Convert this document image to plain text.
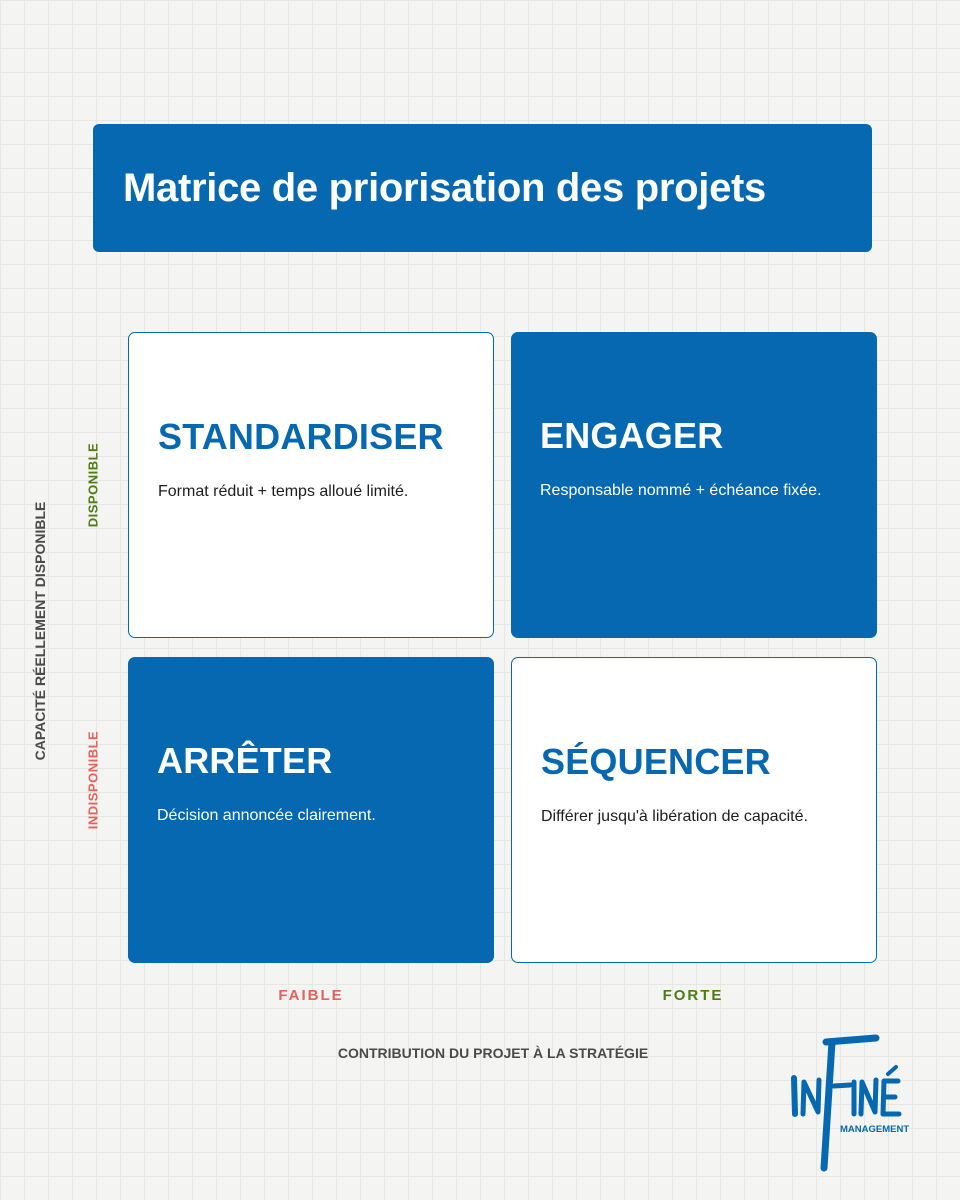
Matrice de priorisation des projets
STANDARDISER

Format réduit + temps alloué limité.

ENGAGER

Responsable nommé + échéance fixée.

ARRÊTER

Décision annoncée clairement.

SÉQUENCER

Différer jusqu'à libération de capacité.

CAPACITÉ RÉELLEMENT DISPONIBLE
DISPONIBLE
INDISPONIBLE
FAIBLE	FORTE
CONTRIBUTION DU PROJET À LA STRATÉGIE
MANAGEMENT
